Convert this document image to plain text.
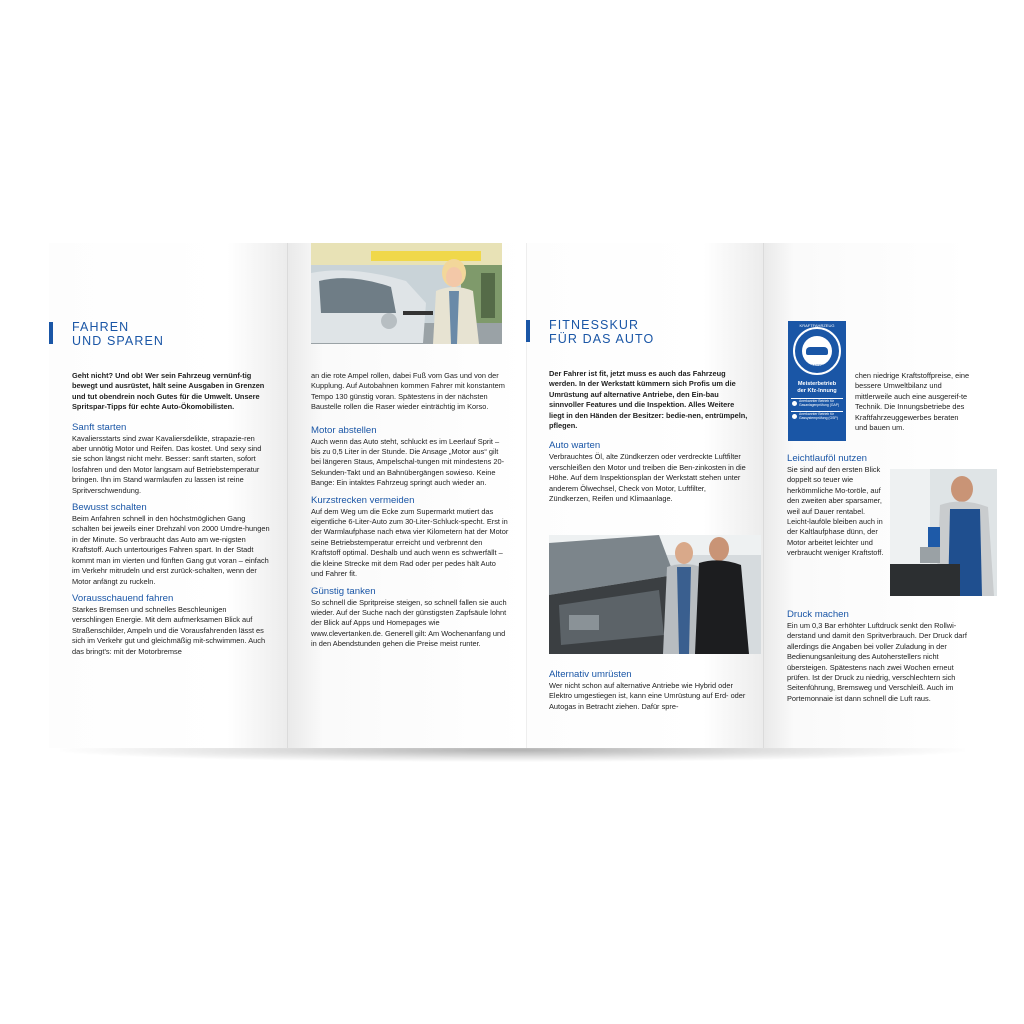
FAHREN
UND SPAREN

Geht nicht? Und ob! Wer sein Fahrzeug vernünf-tig bewegt und ausrüstet, hält seine Ausgaben in Grenzen und tut obendrein noch Gutes für die Umwelt. Unsere Spritspar-Tipps für echte Auto-Ökomobilisten.

Sanft starten

Kavaliersstarts sind zwar Kavaliersdelikte, strapazie-ren aber unnötig Motor und Reifen. Das kostet. Und sexy sind sie schon längst nicht mehr. Besser: sanft starten, sofort losfahren und den Motor langsam auf Betriebstemperatur bringen. Ihn im Stand warmlaufen zu lassen ist reine Spritverschwendung.

Bewusst schalten

Beim Anfahren schnell in den höchstmöglichen Gang schalten bei jeweils einer Drehzahl von 2000 Umdre-hungen in der Minute. So verbraucht das Auto am we-nigsten Kraftstoff. Auch untertouriges Fahren spart. In der Stadt kommt man im vierten und fünften Gang gut voran – einfach im Verkehr mitrudeln und erst zurück-schalten, wenn der Motor anfängt zu ruckeln.

Vorausschauend fahren

Starkes Bremsen und schnelles Beschleunigen verschlingen Energie. Mit dem aufmerksamen Blick auf Straßenschilder, Ampeln und die Vorausfahrenden lässt es sich im Verkehr gut und gleichmäßig mit-schwimmen. Auch das bringt's: mit der Motorbremse

an die rote Ampel rollen, dabei Fuß vom Gas und von der Kupplung. Auf Autobahnen kommen Fahrer mit konstantem Tempo 130 günstig voran. Spätestens in der nächsten Baustelle rollen die Raser wieder einträchtig im Korso.

Motor abstellen

Auch wenn das Auto steht, schluckt es im Leerlauf Sprit – bis zu 0,5 Liter in der Stunde. Die Ansage „Motor aus“ gilt bei längeren Staus, Ampelschal-tungen mit mindestens 20-Sekunden-Takt und an Bahnübergängen sowieso. Keine Bange: Ein intaktes Fahrzeug springt auch wieder an.

Kurzstrecken vermeiden

Auf dem Weg um die Ecke zum Supermarkt mutiert das eigentliche 6-Liter-Auto zum 30-Liter-Schluck-specht. Erst in der Warmlaufphase nach etwa vier Kilometern hat der Motor seine Betriebstemperatur erreicht und verbrennt den Kraftstoff optimal. Deshalb und auch wenn es schwerfällt – die kleine Strecke mit dem Rad oder per pedes hält Auto und Fahrer fit.

Günstig tanken

So schnell die Spritpreise steigen, so schnell fallen sie auch wieder. Auf der Suche nach der günstigsten Zapfsäule lohnt der Blick auf Apps und Homepages wie www.clevertanken.de. Generell gilt: Am Wochenanfang und in den Abendstunden gehen die Preise meist runter.

FITNESSKUR
FÜR DAS AUTO

Der Fahrer ist fit, jetzt muss es auch das Fahrzeug werden. In der Werkstatt kümmern sich Profis um die Umrüstung auf alternative Antriebe, den Ein-bau sinnvoller Features und die Inspektion. Alles Weitere liegt in den Händen der Besitzer: bedie-nen, entrümpeln, pflegen.

Auto warten

Verbrauchtes Öl, alte Zündkerzen oder verdreckte Luftfilter verschleißen den Motor und treiben die Ben-zinkosten in die Höhe. Auf dem Inspektionsplan der Werkstatt stehen unter anderem Ölwechsel, Check von Motor, Luftfilter, Zündkerzen, Reifen und Klimaanlage.

Alternativ umrüsten

Wer nicht schon auf alternative Antriebe wie Hybrid oder Elektro umgestiegen ist, kann eine Umrüstung auf Erd- oder Autogas in Betracht ziehen. Dafür spre-

KRAFTFAHRZEUG
GEWERBE
Meisterbetrieb
der Kfz-Innung
Anerkannter Betrieb für Gasanlagenprüfung (GAP)
Anerkannter Betrieb für Gassystemprüfung (GSP)

chen niedrige Kraftstoffpreise, eine bessere Umweltbilanz und mittlerweile auch eine ausgereif-te Technik. Die Innungsbetriebe des Kraftfahrzeuggewerbes beraten und bauen um.

Leichtlauföl nutzen

Sie sind auf den ersten Blick doppelt so teuer wie herkömmliche Mo-toröle, auf den zweiten aber sparsamer, weil auf Dauer rentabel. Leicht-lauföle bleiben auch in der Kaltlaufphase dünn, der Motor arbeitet leichter und verbraucht weniger Kraftstoff.

Druck machen

Ein um 0,3 Bar erhöhter Luftdruck senkt den Rollwi-derstand und damit den Spritverbrauch. Der Druck darf allerdings die Angaben bei voller Zuladung in der Bedienungsanleitung des Autoherstellers nicht übersteigen. Spätestens nach zwei Wochen erneut prüfen. Ist der Druck zu niedrig, verschlechtern sich Seitenführung, Bremsweg und Verschleiß. Auch im Portemonnaie ist dann schnell die Luft raus.
